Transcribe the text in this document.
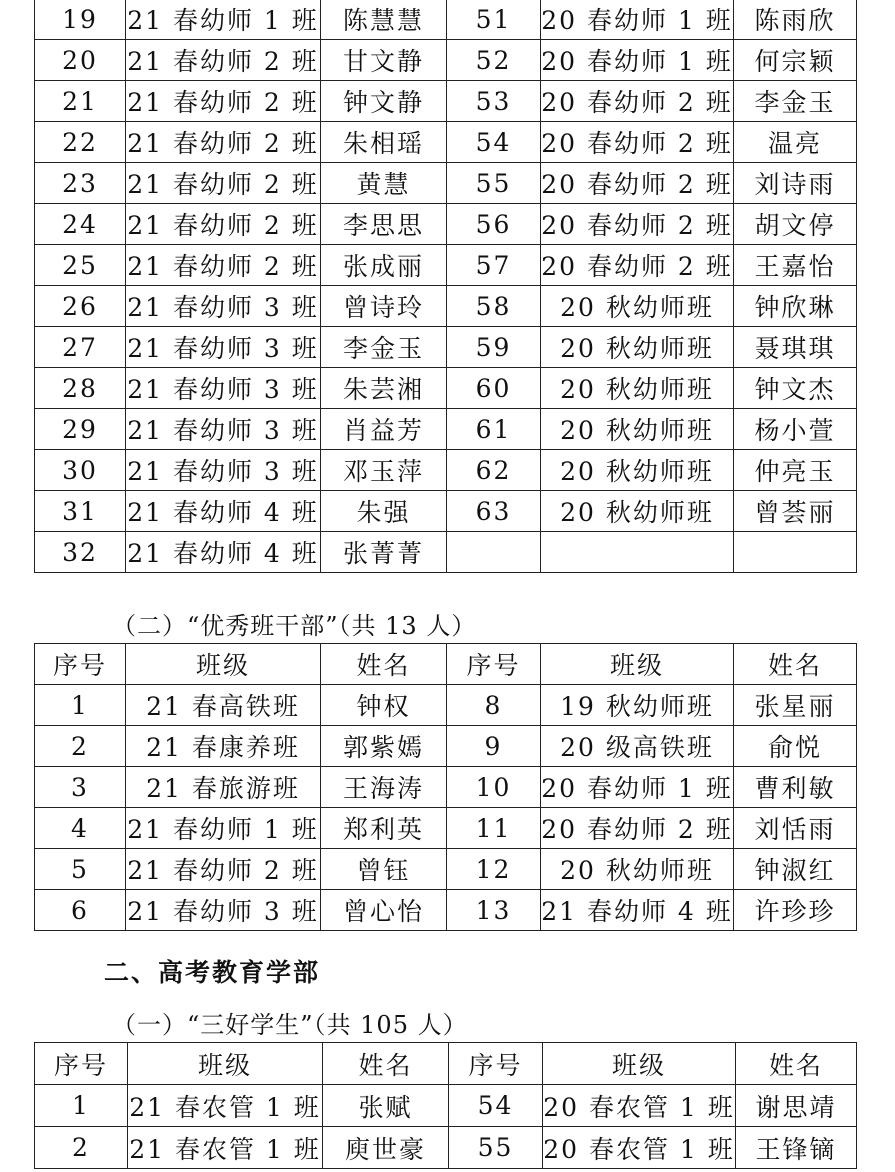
19	21 春幼师 1 班	陈慧慧	51	20 春幼师 1 班	陈雨欣
20	21 春幼师 2 班	甘文静	52	20 春幼师 1 班	何宗颖
21	21 春幼师 2 班	钟文静	53	20 春幼师 2 班	李金玉
22	21 春幼师 2 班	朱相瑶	54	20 春幼师 2 班	温亮
23	21 春幼师 2 班	黄慧	55	20 春幼师 2 班	刘诗雨
24	21 春幼师 2 班	李思思	56	20 春幼师 2 班	胡文停
25	21 春幼师 2 班	张成丽	57	20 春幼师 2 班	王嘉怡
26	21 春幼师 3 班	曾诗玲	58	20 秋幼师班	钟欣琳
27	21 春幼师 3 班	李金玉	59	20 秋幼师班	聂琪琪
28	21 春幼师 3 班	朱芸湘	60	20 秋幼师班	钟文杰
29	21 春幼师 3 班	肖益芳	61	20 秋幼师班	杨小萱
30	21 春幼师 3 班	邓玉萍	62	20 秋幼师班	仲亮玉
31	21 春幼师 4 班	朱强	63	20 秋幼师班	曾荟丽
32	21 春幼师 4 班	张菁菁			
（二）“优秀班干部”（共 13 人）
序号	班级	姓名	序号	班级	姓名
1	21 春高铁班	钟权	8	19 秋幼师班	张星丽
2	21 春康养班	郭紫嫣	9	20 级高铁班	俞悦
3	21 春旅游班	王海涛	10	20 春幼师 1 班	曹利敏
4	21 春幼师 1 班	郑利英	11	20 春幼师 2 班	刘恬雨
5	21 春幼师 2 班	曾钰	12	20 秋幼师班	钟淑红
6	21 春幼师 3 班	曾心怡	13	21 春幼师 4 班	许珍珍
二、高考教育学部
（一）“三好学生”（共 105 人）
序号	班级	姓名	序号	班级	姓名
1	21 春农管 1 班	张赋	54	20 春农管 1 班	谢思靖
2	21 春农管 1 班	庾世豪	55	20 春农管 1 班	王锋镝
